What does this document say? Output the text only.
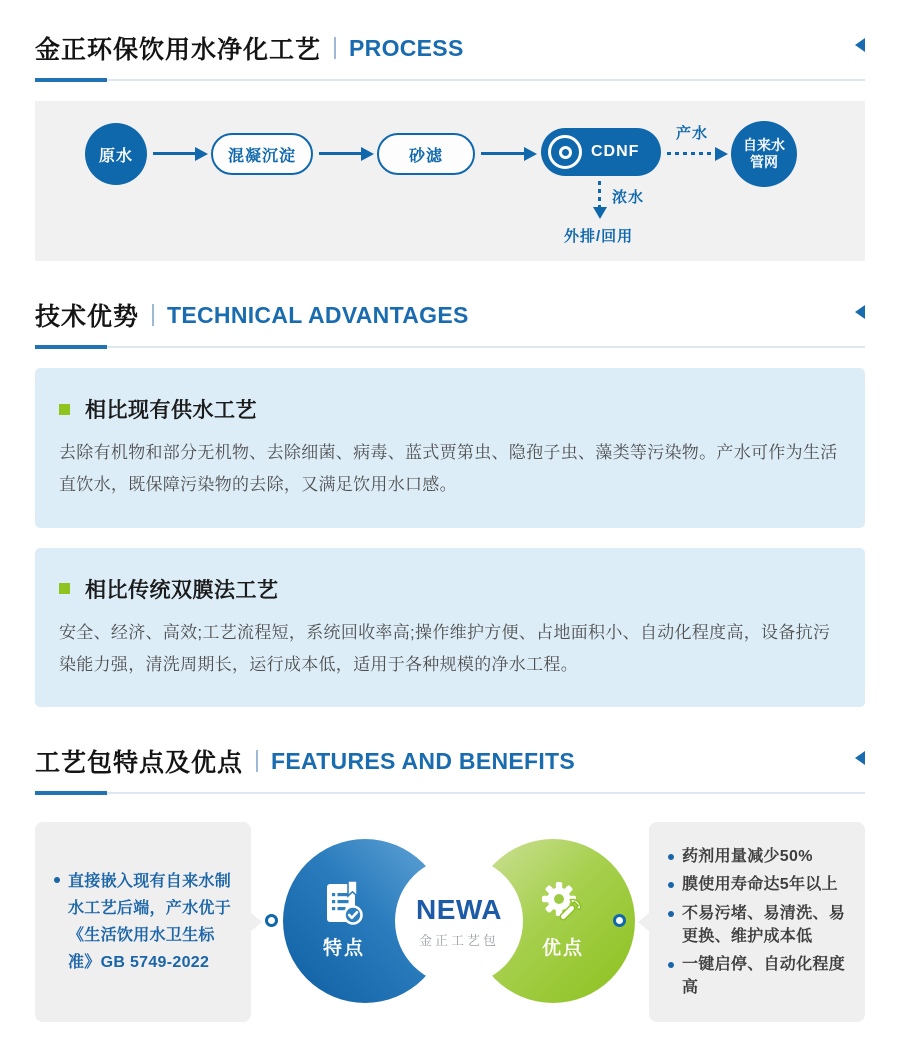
金正环保饮用水净化工艺 PROCESS
原水	混凝沉淀	砂滤	CDNF
产水
自来水
管网
浓水
外排/回用
技术优势 TECHNICAL ADVANTAGES
相比现有供水工艺
去除有机物和部分无机物、去除细菌、病毒、蓝式贾第虫、隐孢子虫、藻类等污染物。产水可作为生活直饮水，既保障污染物的去除，又满足饮用水口感。
相比传统双膜法工艺
安全、经济、高效;工艺流程短，系统回收率高;操作维护方便、占地面积小、自动化程度高，设备抗污染能力强，清洗周期长，运行成本低，适用于各种规模的净水工程。
工艺包特点及优点 FEATURES AND BENEFITS
直接嵌入现有自来水制水工艺后端，产水优于《生活饮用水卫生标准》GB 5749-2022
特点	优点
NEWA
金正工艺包
药剂用量减少50%
膜使用寿命达5年以上
不易污堵、易清洗、易更换、维护成本低
一键启停、自动化程度高
